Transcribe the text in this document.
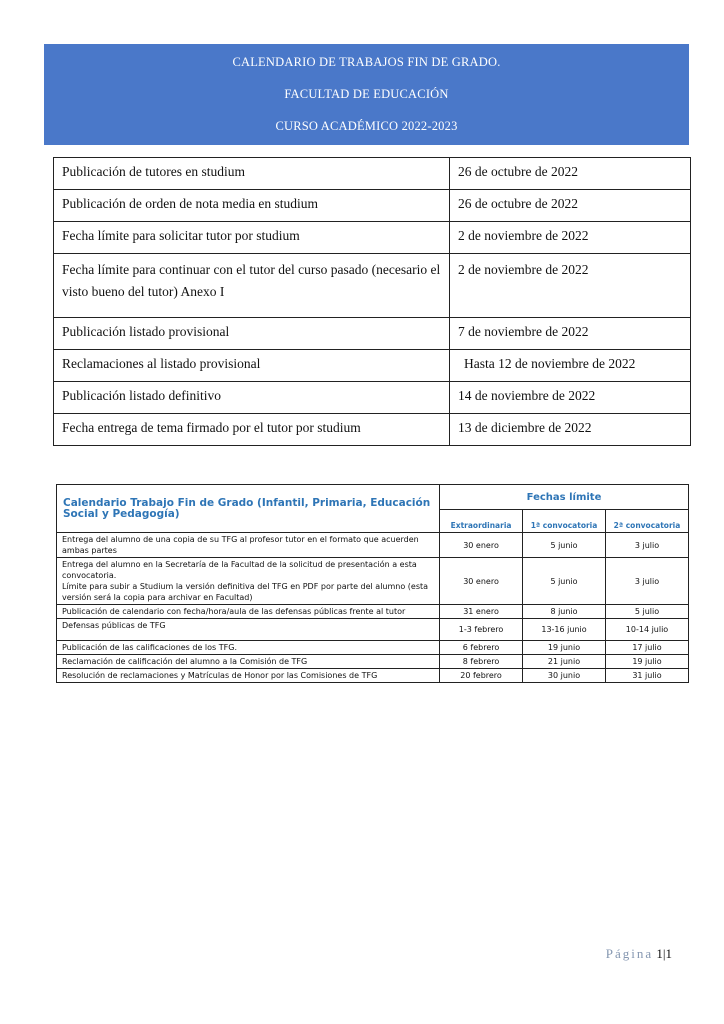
CALENDARIO DE TRABAJOS FIN DE GRADO.
FACULTAD DE EDUCACIÓN
CURSO ACADÉMICO 2022-2023
Publicación de tutores en studium	26 de octubre de 2022
Publicación de orden de nota media en studium	26 de octubre de 2022
Fecha límite para solicitar tutor por studium	2 de noviembre de 2022
Fecha límite para continuar con el tutor del curso pasado (necesario el visto bueno del tutor) Anexo I	2 de noviembre de 2022
Publicación listado provisional	7 de noviembre de 2022
Reclamaciones al listado provisional	Hasta 12 de noviembre de 2022
Publicación listado definitivo	14 de noviembre de 2022
Fecha entrega de tema firmado por el tutor por studium	13 de diciembre de 2022
Calendario Trabajo Fin de Grado (Infantil, Primaria, Educación Social y Pedagogía)	Fechas límite		
	Extraordinaria	1ª convocatoria	2ª convocatoria
Entrega del alumno de una copia de su TFG al profesor tutor en el formato que acuerden ambas partes	30 enero	5 junio	3 julio

Entrega del alumno en la Secretaría de la Facultad de la solicitud de presentación a esta convocatoria.
Límite para subir a Studium la versión definitiva del TFG en PDF por parte del alumno (esta versión será la copia para archivar en Facultad)	30 enero	5 junio	3 julio
Publicación de calendario con fecha/hora/aula de las defensas públicas frente al tutor	31 enero	8 junio	5 julio
Defensas públicas de TFG	1-3 febrero	13-16 junio	10-14 julio
Publicación de las calificaciones de los TFG.	6 febrero	19 junio	17 julio
Reclamación de calificación del alumno a la Comisión de TFG	8 febrero	21 junio	19 julio
Resolución de reclamaciones y Matrículas de Honor por las Comisiones de TFG	20 febrero	30 junio	31 julio
Página 1|1
